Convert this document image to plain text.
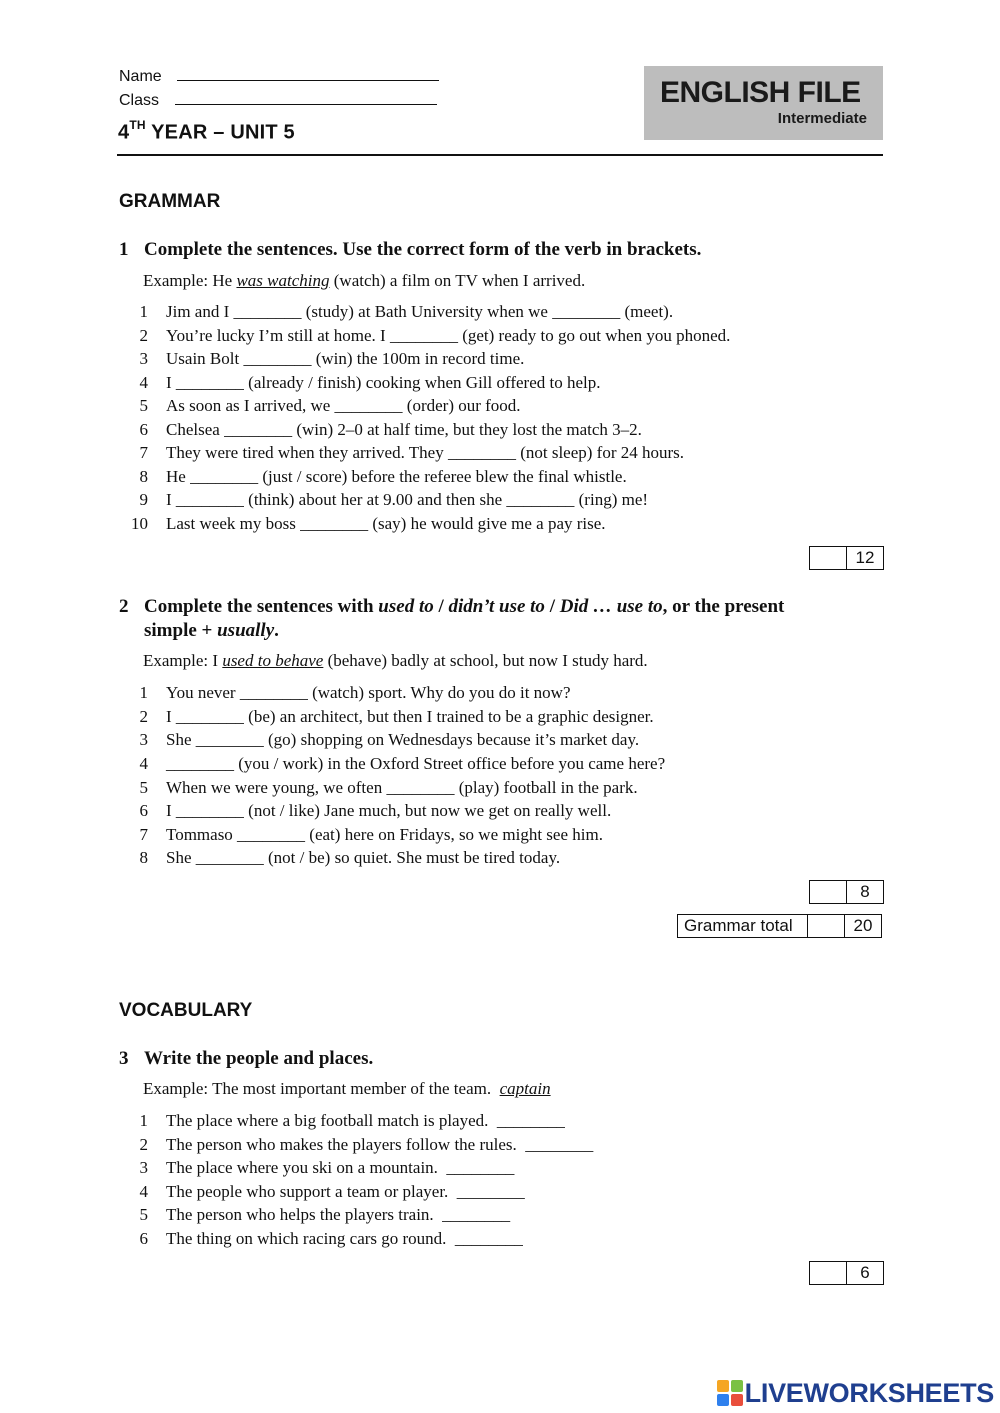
Name
Class
4TH YEAR – UNIT 5
ENGLISH FILE
Intermediate
GRAMMAR
1 Complete the sentences. Use the correct form of the verb in brackets.
Example: He was watching (watch) a film on TV when I arrived.
1 Jim and I ________ (study) at Bath University when we ________ (meet).
2 You’re lucky I’m still at home. I ________ (get) ready to go out when you phoned.
3 Usain Bolt ________ (win) the 100m in record time.
4 I ________ (already / finish) cooking when Gill offered to help.
5 As soon as I arrived, we ________ (order) our food.
6 Chelsea ________ (win) 2–0 at half time, but they lost the match 3–2.
7 They were tired when they arrived. They ________ (not sleep) for 24 hours.
8 He ________ (just / score) before the referee blew the final whistle.
9 I ________ (think) about her at 9.00 and then she ________ (ring) me!
10 Last week my boss ________ (say) he would give me a pay rise.
12
2 Complete the sentences with used to / didn’t use to / Did … use to, or the present simple + usually.
Example: I used to behave (behave) badly at school, but now I study hard.
1 You never ________ (watch) sport. Why do you do it now?
2 I ________ (be) an architect, but then I trained to be a graphic designer.
3 She ________ (go) shopping on Wednesdays because it’s market day.
4 ________ (you / work) in the Oxford Street office before you came here?
5 When we were young, we often ________ (play) football in the park.
6 I ________ (not / like) Jane much, but now we get on really well.
7 Tommaso ________ (eat) here on Fridays, so we might see him.
8 She ________ (not / be) so quiet. She must be tired today.
8
Grammar total	20
VOCABULARY
3 Write the people and places.
Example: The most important member of the team.  captain
1 The place where a big football match is played.  ________
2 The person who makes the players follow the rules.  ________
3 The place where you ski on a mountain.  ________
4 The people who support a team or player.  ________
5 The person who helps the players train.  ________
6 The thing on which racing cars go round.  ________
6
LIVEWORKSHEETS
